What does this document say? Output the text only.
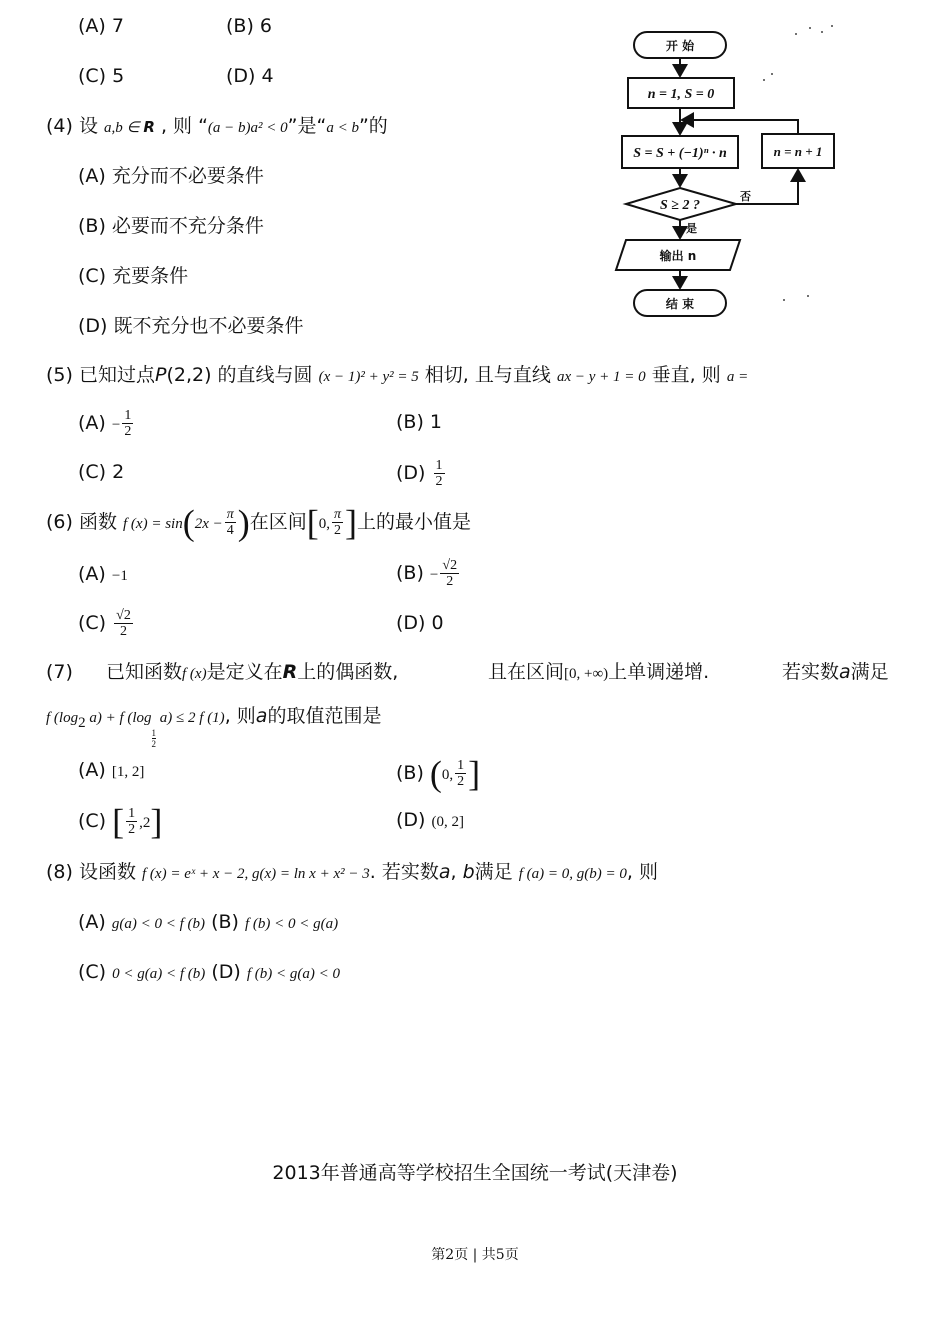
(A) 7	(B) 6
(C) 5	(D) 4
开 始
n = 1, S = 0
S = S + (−1)ⁿ · n	n = n + 1
S ≥ 2 ?
否
是
输出 n
结 束
(4) 设 a,b ∈ R , 则 “(a − b)a² < 0”是“a < b”的
(A) 充分而不必要条件
(B) 必要而不充分条件
(C) 充要条件
(D) 既不充分也不必要条件
(5) 已知过点P(2,2) 的直线与圆 (x − 1)² + y² = 5 相切, 且与直线 ax − y + 1 = 0 垂直, 则 a =
$(A) - \frac{1}{2}$	(B) 1
(C) 2	$(D) \frac{1}{2}$
(6) 函数 f $(x) = \sin(2x - \frac{\pi}{4}$ )在区间[0, $\frac{\pi}{2}$ ]上的最小值是
(A) −1	$(B) - \frac{√2}{2}$
$(C) \frac{√2}{2}$	(D) 0
(7) 已知函数f (x)是定义在R上的偶函数,	且在区间[0, +∞)上单调递增.	若实数a满足
f ($\log_2$ a) + f (log
$_{\frac{1}{2}}$
a) ≤ 2 f (1), 则a的取值范围是
(A) [1, 2]	(B) (0, $\frac{1}{2}$ ]
(C) [ $\frac{1}{2} ,2$]	(D) (0, 2]
(8) 设函数 f (x) = eˣ + x − 2, g(x) = ln x + x² − 3. 若实数a, b满足 f (a) = 0, g(b) = 0, 则
(A) g(a) < 0 < f (b) (B) f (b) < 0 < g(a)
(C) 0 < g(a) < f (b) (D) f (b) < g(a) < 0
2013年普通高等学校招生全国统一考试(天津卷)
第2页 | 共5页
